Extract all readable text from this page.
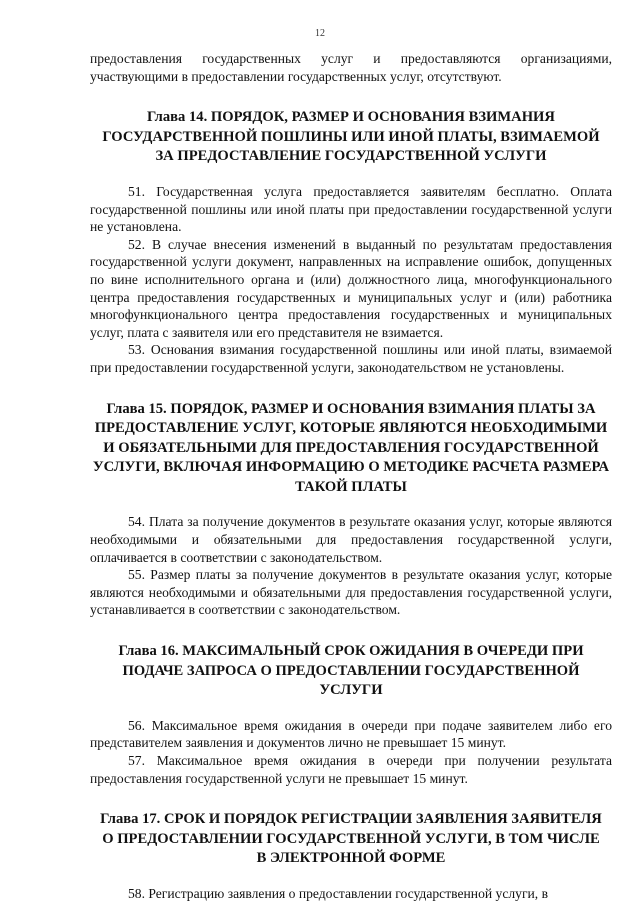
12

предоставления государственных услуг и предоставляются организациями, участвующими в предоставлении государственных услуг, отсутствуют.

Глава 14. ПОРЯДОК, РАЗМЕР И ОСНОВАНИЯ ВЗИМАНИЯ ГОСУДАРСТВЕННОЙ ПОШЛИНЫ ИЛИ ИНОЙ ПЛАТЫ, ВЗИМАЕМОЙ ЗА ПРЕДОСТАВЛЕНИЕ ГОСУДАРСТВЕННОЙ УСЛУГИ

51. Государственная услуга предоставляется заявителям бесплатно. Оплата государственной пошлины или иной платы при предоставлении государственной услуги не установлена.

52. В случае внесения изменений в выданный по результатам предоставления государственной услуги документ, направленных на исправление ошибок, допущенных по вине исполнительного органа и (или) должностного лица, многофункционального центра предоставления государственных и муниципальных услуг и (или) работника многофункционального центра предоставления государственных и муниципальных услуг, плата с заявителя или его представителя не взимается.

53. Основания взимания государственной пошлины или иной платы, взимаемой при предоставлении государственной услуги, законодательством не установлены.

Глава 15. ПОРЯДОК, РАЗМЕР И ОСНОВАНИЯ ВЗИМАНИЯ ПЛАТЫ ЗА ПРЕДОСТАВЛЕНИЕ УСЛУГ, КОТОРЫЕ ЯВЛЯЮТСЯ НЕОБХОДИМЫМИ И ОБЯЗАТЕЛЬНЫМИ ДЛЯ ПРЕДОСТАВЛЕНИЯ ГОСУДАРСТВЕННОЙ УСЛУГИ, ВКЛЮЧАЯ ИНФОРМАЦИЮ О МЕТОДИКЕ РАСЧЕТА РАЗМЕРА ТАКОЙ ПЛАТЫ

54. Плата за получение документов в результате оказания услуг, которые являются необходимыми и обязательными для предоставления государственной услуги, оплачивается в соответствии с законодательством.

55. Размер платы за получение документов в результате оказания услуг, которые являются необходимыми и обязательными для предоставления государственной услуги, устанавливается в соответствии с законодательством.

Глава 16. МАКСИМАЛЬНЫЙ СРОК ОЖИДАНИЯ В ОЧЕРЕДИ ПРИ ПОДАЧЕ ЗАПРОСА О ПРЕДОСТАВЛЕНИИ ГОСУДАРСТВЕННОЙ УСЛУГИ

56. Максимальное время ожидания в очереди при подаче заявителем либо его представителем заявления и документов лично не превышает 15 минут.

57. Максимальное время ожидания в очереди при получении результата предоставления государственной услуги не превышает 15 минут.

Глава 17. СРОК И ПОРЯДОК РЕГИСТРАЦИИ ЗАЯВЛЕНИЯ ЗАЯВИТЕЛЯ О ПРЕДОСТАВЛЕНИИ ГОСУДАРСТВЕННОЙ УСЛУГИ, В ТОМ ЧИСЛЕ В ЭЛЕКТРОННОЙ ФОРМЕ

58. Регистрацию заявления о предоставлении государственной услуги, в
